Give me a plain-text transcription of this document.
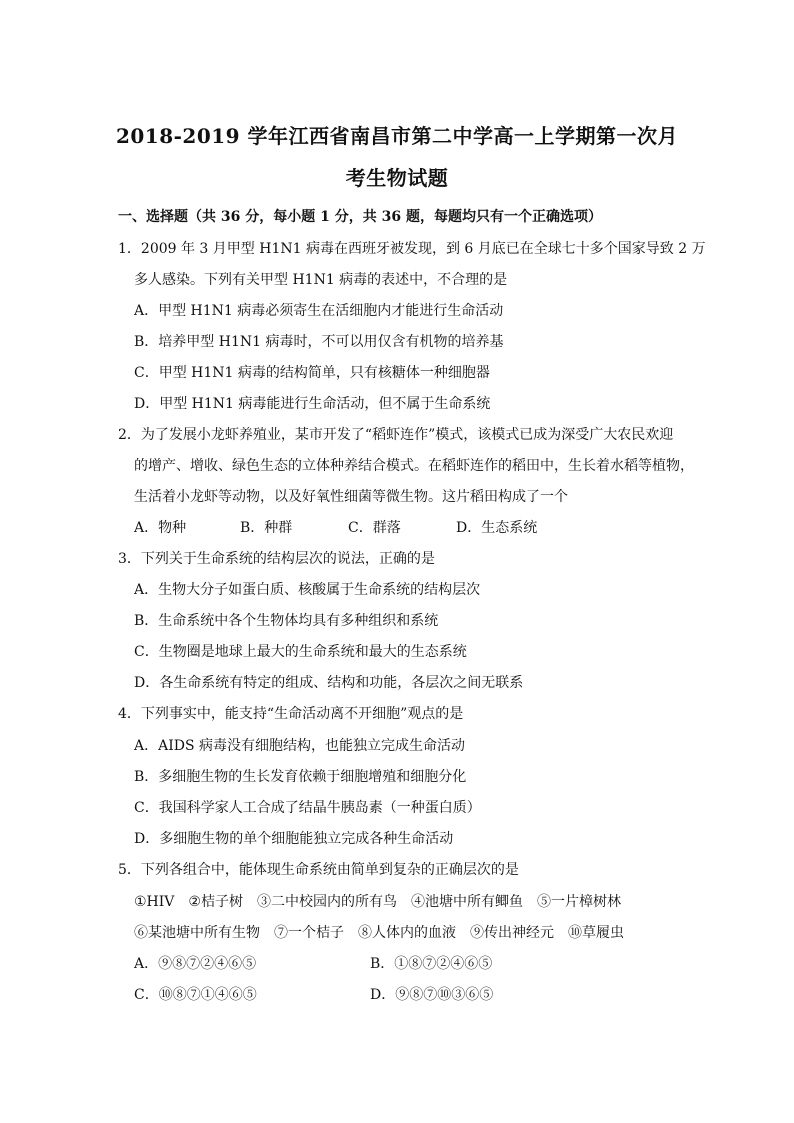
2018-2019 学年江西省南昌市第二中学高一上学期第一次月
考生物试题
一、选择题（共 36 分，每小题 1 分，共 36 题，每题均只有一个正确选项）
1．2009 年 3 月甲型 H1N1 病毒在西班牙被发现，到 6 月底已在全球七十多个国家导致 2 万
多人感染。下列有关甲型 H1N1 病毒的表述中，不合理的是
A．甲型 H1N1 病毒必须寄生在活细胞内才能进行生命活动
B．培养甲型 H1N1 病毒时，不可以用仅含有机物的培养基
C．甲型 H1N1 病毒的结构简单，只有核糖体一种细胞器
D．甲型 H1N1 病毒能进行生命活动，但不属于生命系统
2．为了发展小龙虾养殖业，某市开发了“稻虾连作”模式，该模式已成为深受广大农民欢迎
的增产、增收、绿色生态的立体种养结合模式。在稻虾连作的稻田中，生长着水稻等植物，
生活着小龙虾等动物，以及好氧性细菌等微生物。这片稻田构成了一个
A．物种	B．种群	C．群落	D．生态系统
3．下列关于生命系统的结构层次的说法，正确的是
A．生物大分子如蛋白质、核酸属于生命系统的结构层次
B．生命系统中各个生物体均具有多种组织和系统
C．生物圈是地球上最大的生命系统和最大的生态系统
D．各生命系统有特定的组成、结构和功能，各层次之间无联系
4．下列事实中，能支持“生命活动离不开细胞”观点的是
A．AIDS 病毒没有细胞结构，也能独立完成生命活动
B．多细胞生物的生长发育依赖于细胞增殖和细胞分化
C．我国科学家人工合成了结晶牛胰岛素（一种蛋白质）
D．多细胞生物的单个细胞能独立完成各种生命活动
5．下列各组合中，能体现生命系统由简单到复杂的正确层次的是
①HIV　②桔子树　③二中校园内的所有鸟　④池塘中所有鲫鱼　⑤一片樟树林
⑥某池塘中所有生物　⑦一个桔子　⑧人体内的血液　⑨传出神经元　⑩草履虫
A．⑨⑧⑦②④⑥⑤	B．①⑧⑦②④⑥⑤
C．⑩⑧⑦①④⑥⑤	D．⑨⑧⑦⑩③⑥⑤
